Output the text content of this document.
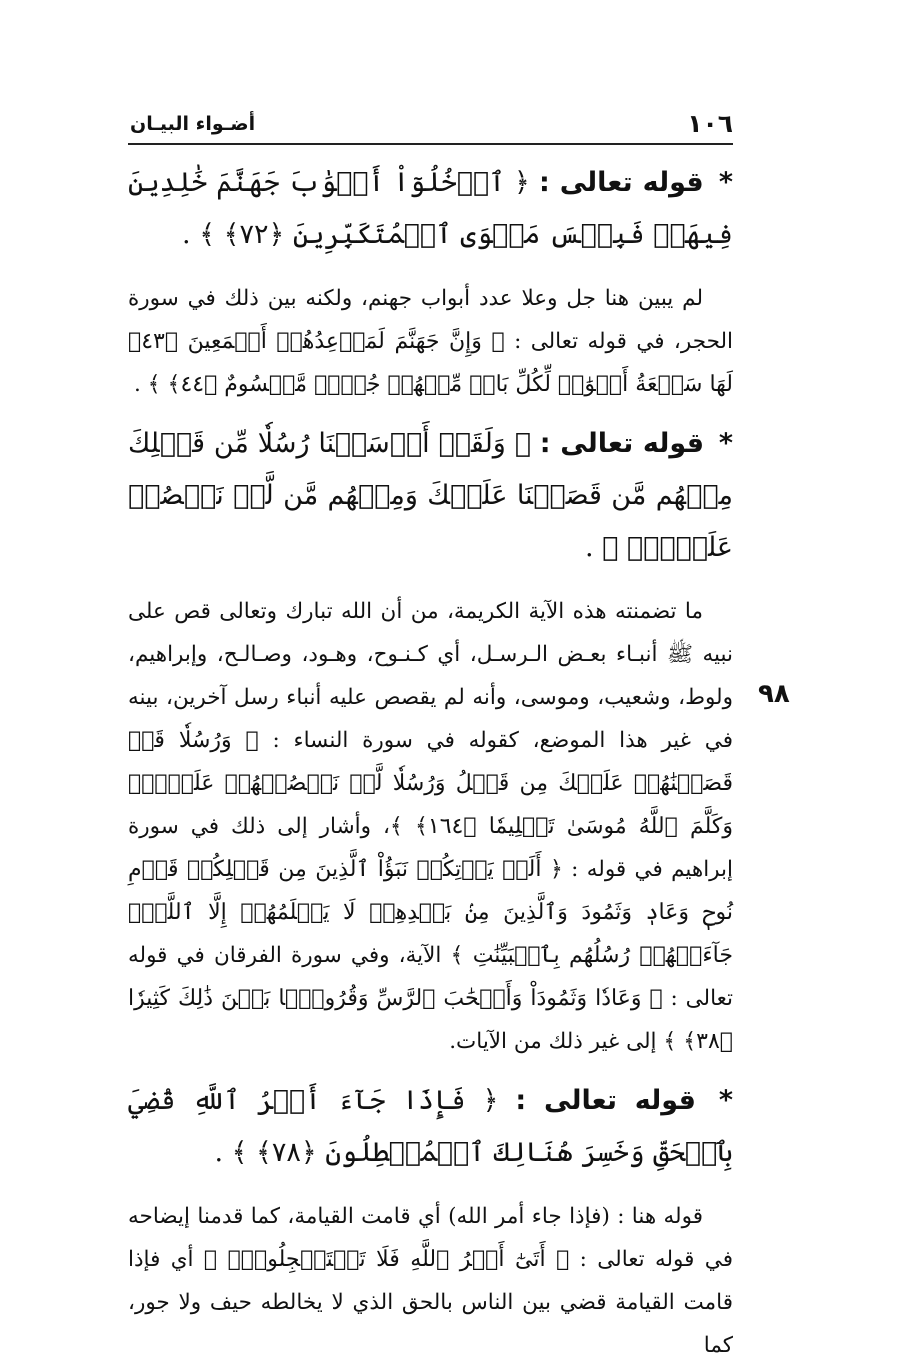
١٠٦
أضـواء البيـان

* قوله تعالى : ﴿ ٱدۡخُلُوٓاْ أَبۡوَٰبَ جَهَنَّمَ خَٰلِدِينَ فِيهَاۖ فَبِئۡسَ مَثۡوَى ٱلۡمُتَكَبِّرِينَ ﴿٧٢﴾ ﴾ .

لم يبين هنا جل وعلا عدد أبواب جهنم، ولكنه بين ذلك في سورة الحجر، في قوله تعالى : ﴿ وَإِنَّ جَهَنَّمَ لَمَوۡعِدُهُمۡ أَجۡمَعِينَ ﴿٤٣﴾ لَهَا سَبۡعَةُ أَبۡوَٰبٖ لِّكُلِّ بَابٖ مِّنۡهُمۡ جُزۡءٞ مَّقۡسُومٌ ﴿٤٤﴾ ﴾ .

* قوله تعالى : ﴿ وَلَقَدۡ أَرۡسَلۡنَا رُسُلٗا مِّن قَبۡلِكَ مِنۡهُم مَّن قَصَصۡنَا عَلَيۡكَ وَمِنۡهُم مَّن لَّمۡ نَقۡصُصۡ عَلَيۡكَۗ ﴾ .

ما تضمنته هذه الآية الكريمة، من أن الله تبارك وتعالى قص على نبيه ﷺ أنبـاء بعـض الـرسـل، أي كـنـوح، وهـود، وصـالـح، وإبراهيم، ولوط، وشعيب، وموسى، وأنه لم يقصص عليه أنباء رسل آخرين، بينه في غير هذا الموضع، كقوله في سورة النساء : ﴿ وَرُسُلٗا قَدۡ قَصَصۡنَٰهُمۡ عَلَيۡكَ مِن قَبۡلُ وَرُسُلٗا لَّمۡ نَقۡصُصۡهُمۡ عَلَيۡكَۚ وَكَلَّمَ ٱللَّهُ مُوسَىٰ تَكۡلِيمٗا ﴿١٦٤﴾ ﴾، وأشار إلى ذلك في سورة إبراهيم في قوله : ﴿ أَلَمۡ يَأۡتِكُمۡ نَبَؤُاْ ٱلَّذِينَ مِن قَبۡلِكُمۡ قَوۡمِ نُوحٖ وَعَادٖ وَثَمُودَ وَٱلَّذِينَ مِنۢ بَعۡدِهِمۡ لَا يَعۡلَمُهُمۡ إِلَّا ٱللَّهُۚ جَآءَتۡهُمۡ رُسُلُهُم بِٱلۡبَيِّنَٰتِ ﴾ الآية، وفي سورة الفرقان في قوله تعالى : ﴿ وَعَادٗا وَثَمُودَاْ وَأَصۡحَٰبَ ٱلرَّسِّ وَقُرُونَۢا بَيۡنَ ذَٰلِكَ كَثِيرٗا ﴿٣٨﴾ ﴾ إلى غير ذلك من الآيات.

* قوله تعالى : ﴿ فَإِذَا جَآءَ أَمۡرُ ٱللَّهِ قُضِيَ بِٱلۡحَقِّ وَخَسِرَ هُنَالِكَ ٱلۡمُبۡطِلُونَ ﴿٧٨﴾ ﴾ .

قوله هنا : (فإذا جاء أمر الله) أي قامت القيامة، كما قدمنا إيضاحه في قوله تعالى : ﴿ أَتَىٰٓ أَمۡرُ ٱللَّهِ فَلَا تَسۡتَعۡجِلُوهُۚ ﴾ أي فإذا قامت القيامة قضي بين الناس بالحق الذي لا يخالطه حيف ولا جور، كما

٩٨
